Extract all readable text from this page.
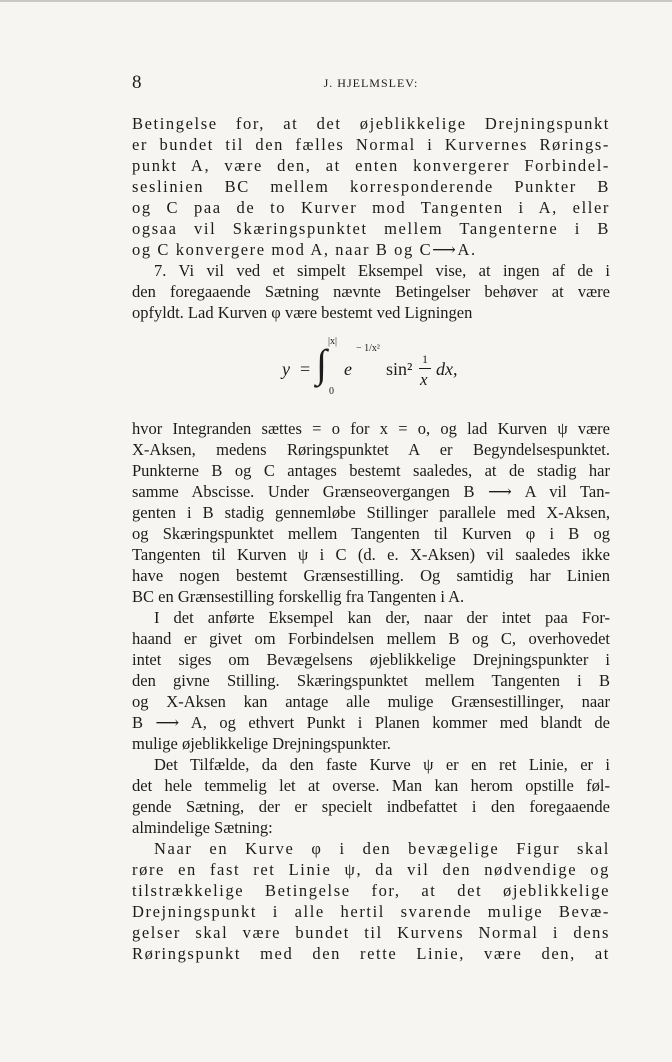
8	J. HJELMSLEV:
Betingelse for, at det øjeblikkelige Drejningspunkt
er bundet til den fælles Normal i Kurvernes Rørings-
punkt A, være den, at enten konvergerer Forbindel-
seslinien BC mellem korresponderende Punkter B
og C paa de to Kurver mod Tangenten i A, eller
ogsaa vil Skæringspunktet mellem Tangenterne i B
og C konvergere mod A, naar B og C⟶A.
7. Vi vil ved et simpelt Eksempel vise, at ingen af de i
den foregaaende Sætning nævnte Betingelser behøver at være
opfyldt. Lad Kurven φ være bestemt ved Ligningen
y = ∫ |x|
0
e
− 1/x²
sin² 1
x
dx,
hvor Integranden sættes = o for x = o, og lad Kurven ψ være
X-Aksen, medens Røringspunktet A er Begyndelsespunktet.
Punkterne B og C antages bestemt saaledes, at de stadig har
samme Abscisse. Under Grænseovergangen B ⟶ A vil Tan-
genten i B stadig gennemløbe Stillinger parallele med X-Aksen,
og Skæringspunktet mellem Tangenten til Kurven φ i B og
Tangenten til Kurven ψ i C (d. e. X-Aksen) vil saaledes ikke
have nogen bestemt Grænsestilling. Og samtidig har Linien
BC en Grænsestilling forskellig fra Tangenten i A.
I det anførte Eksempel kan der, naar der intet paa For-
haand er givet om Forbindelsen mellem B og C, overhovedet
intet siges om Bevægelsens øjeblikkelige Drejningspunkter i
den givne Stilling. Skæringspunktet mellem Tangenten i B
og X-Aksen kan antage alle mulige Grænsestillinger, naar
B ⟶ A, og ethvert Punkt i Planen kommer med blandt de
mulige øjeblikkelige Drejningspunkter.
Det Tilfælde, da den faste Kurve ψ er en ret Linie, er i
det hele temmelig let at overse. Man kan herom opstille føl-
gende Sætning, der er specielt indbefattet i den foregaaende
almindelige Sætning:
Naar en Kurve φ i den bevægelige Figur skal
røre en fast ret Linie ψ, da vil den nødvendige og
tilstrækkelige Betingelse for, at det øjeblikkelige
Drejningspunkt i alle hertil svarende mulige Bevæ-
gelser skal være bundet til Kurvens Normal i dens
Røringspunkt med den rette Linie, være den, at
